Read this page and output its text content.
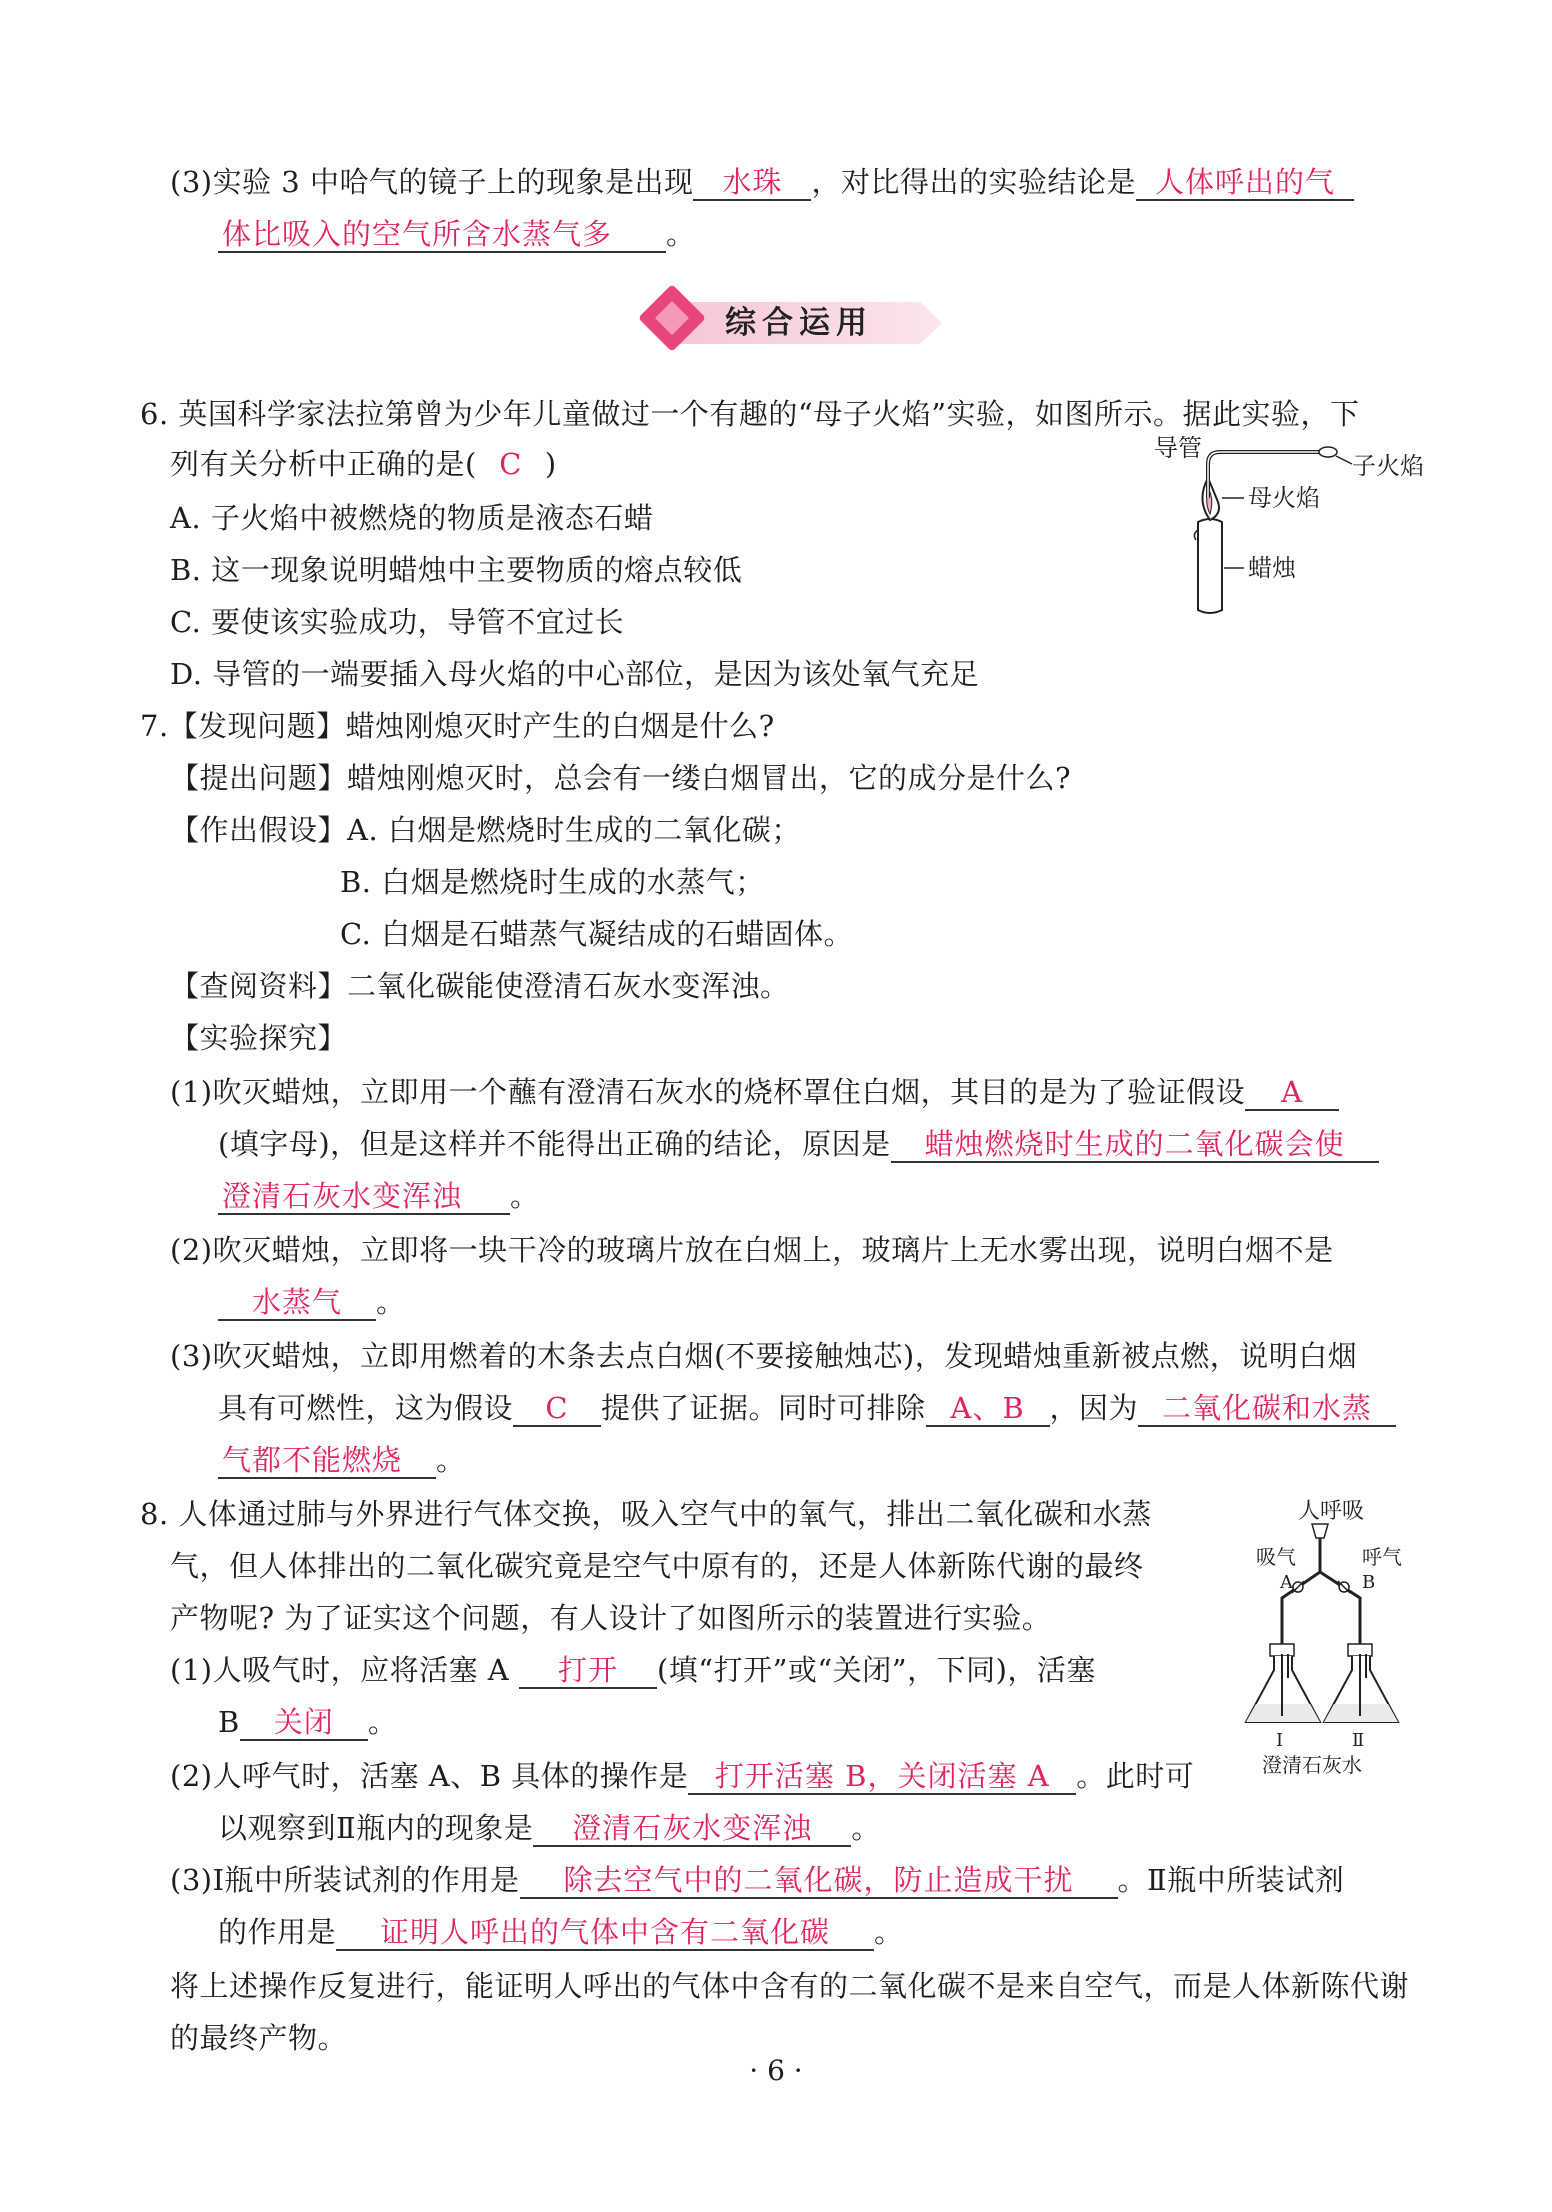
(3)实验 3 中哈气的镜子上的现象是出现 水珠 ，对比得出的实验结论是 人体呼出的气
体比吸入的空气所含水蒸气多 。
综合运用
6. 英国科学家法拉第曾为少年儿童做过一个有趣的“母子火焰”实验，如图所示。据此实验，下
列有关分析中正确的是( C )
A. 子火焰中被燃烧的物质是液态石蜡
B. 这一现象说明蜡烛中主要物质的熔点较低
C. 要使该实验成功，导管不宜过长
D. 导管的一端要插入母火焰的中心部位，是因为该处氧气充足
导管
子火焰
母火焰
蜡烛
7.【发现问题】蜡烛刚熄灭时产生的白烟是什么?
【提出问题】蜡烛刚熄灭时，总会有一缕白烟冒出，它的成分是什么?
【作出假设】A. 白烟是燃烧时生成的二氧化碳；
B. 白烟是燃烧时生成的水蒸气；
C. 白烟是石蜡蒸气凝结成的石蜡固体。
【查阅资料】二氧化碳能使澄清石灰水变浑浊。
【实验探究】
(1)吹灭蜡烛，立即用一个蘸有澄清石灰水的烧杯罩住白烟，其目的是为了验证假设 A
(填字母)，但是这样并不能得出正确的结论，原因是 蜡烛燃烧时生成的二氧化碳会使
澄清石灰水变浑浊 。
(2)吹灭蜡烛，立即将一块干冷的玻璃片放在白烟上，玻璃片上无水雾出现，说明白烟不是
水蒸气 。
(3)吹灭蜡烛，立即用燃着的木条去点白烟(不要接触烛芯)，发现蜡烛重新被点燃，说明白烟
具有可燃性，这为假设 C 提供了证据。同时可排除 A、B ，因为 二氧化碳和水蒸
气都不能燃烧 。
8. 人体通过肺与外界进行气体交换，吸入空气中的氧气，排出二氧化碳和水蒸
气，但人体排出的二氧化碳究竟是空气中原有的，还是人体新陈代谢的最终
产物呢? 为了证实这个问题，有人设计了如图所示的装置进行实验。
(1)人吸气时，应将活塞 A 打开 (填“打开”或“关闭”，下同)，活塞
B 关闭 。
(2)人呼气时，活塞 A、B 具体的操作是 打开活塞 B，关闭活塞 A 。此时可
以观察到Ⅱ瓶内的现象是 澄清石灰水变浑浊 。
(3)Ⅰ瓶中所装试剂的作用是 除去空气中的二氧化碳，防止造成干扰 。Ⅱ瓶中所装试剂
的作用是 证明人呼出的气体中含有二氧化碳 。
将上述操作反复进行，能证明人呼出的气体中含有的二氧化碳不是来自空气，而是人体新陈代谢
的最终产物。
人呼吸
吸气	呼气
A	B
Ⅰ	Ⅱ
澄清石灰水
· 6 ·
